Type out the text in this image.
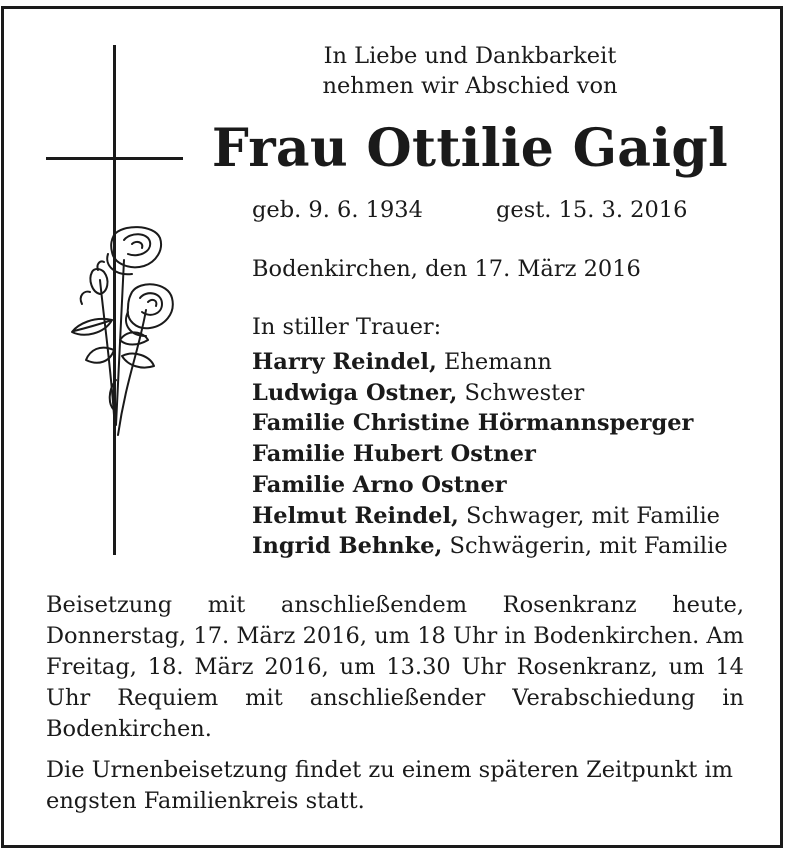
In Liebe und Dankbarkeit

nehmen wir Abschied von

Frau Ottilie Gaigl
geb. 9. 6. 1934	gest. 15. 3. 2016

Bodenkirchen, den 17. März 2016

In stiller Trauer:

Harry Reindel, Ehemann
Ludwiga Ostner, Schwester
Familie Christine Hörmannsperger
Familie Hubert Ostner
Familie Arno Ostner
Helmut Reindel, Schwager, mit Familie
Ingrid Behnke, Schwägerin, mit Familie

Beisetzung mit anschließendem Rosenkranz heute, Donnerstag, 17. März 2016, um 18 Uhr in Bodenkirchen. Am Freitag, 18. März 2016, um 13.30 Uhr Rosenkranz, um 14 Uhr Requiem mit anschließender Verabschiedung in Bodenkirchen.

Die Urnenbeisetzung findet zu einem späteren Zeitpunkt im engsten Familienkreis statt.
